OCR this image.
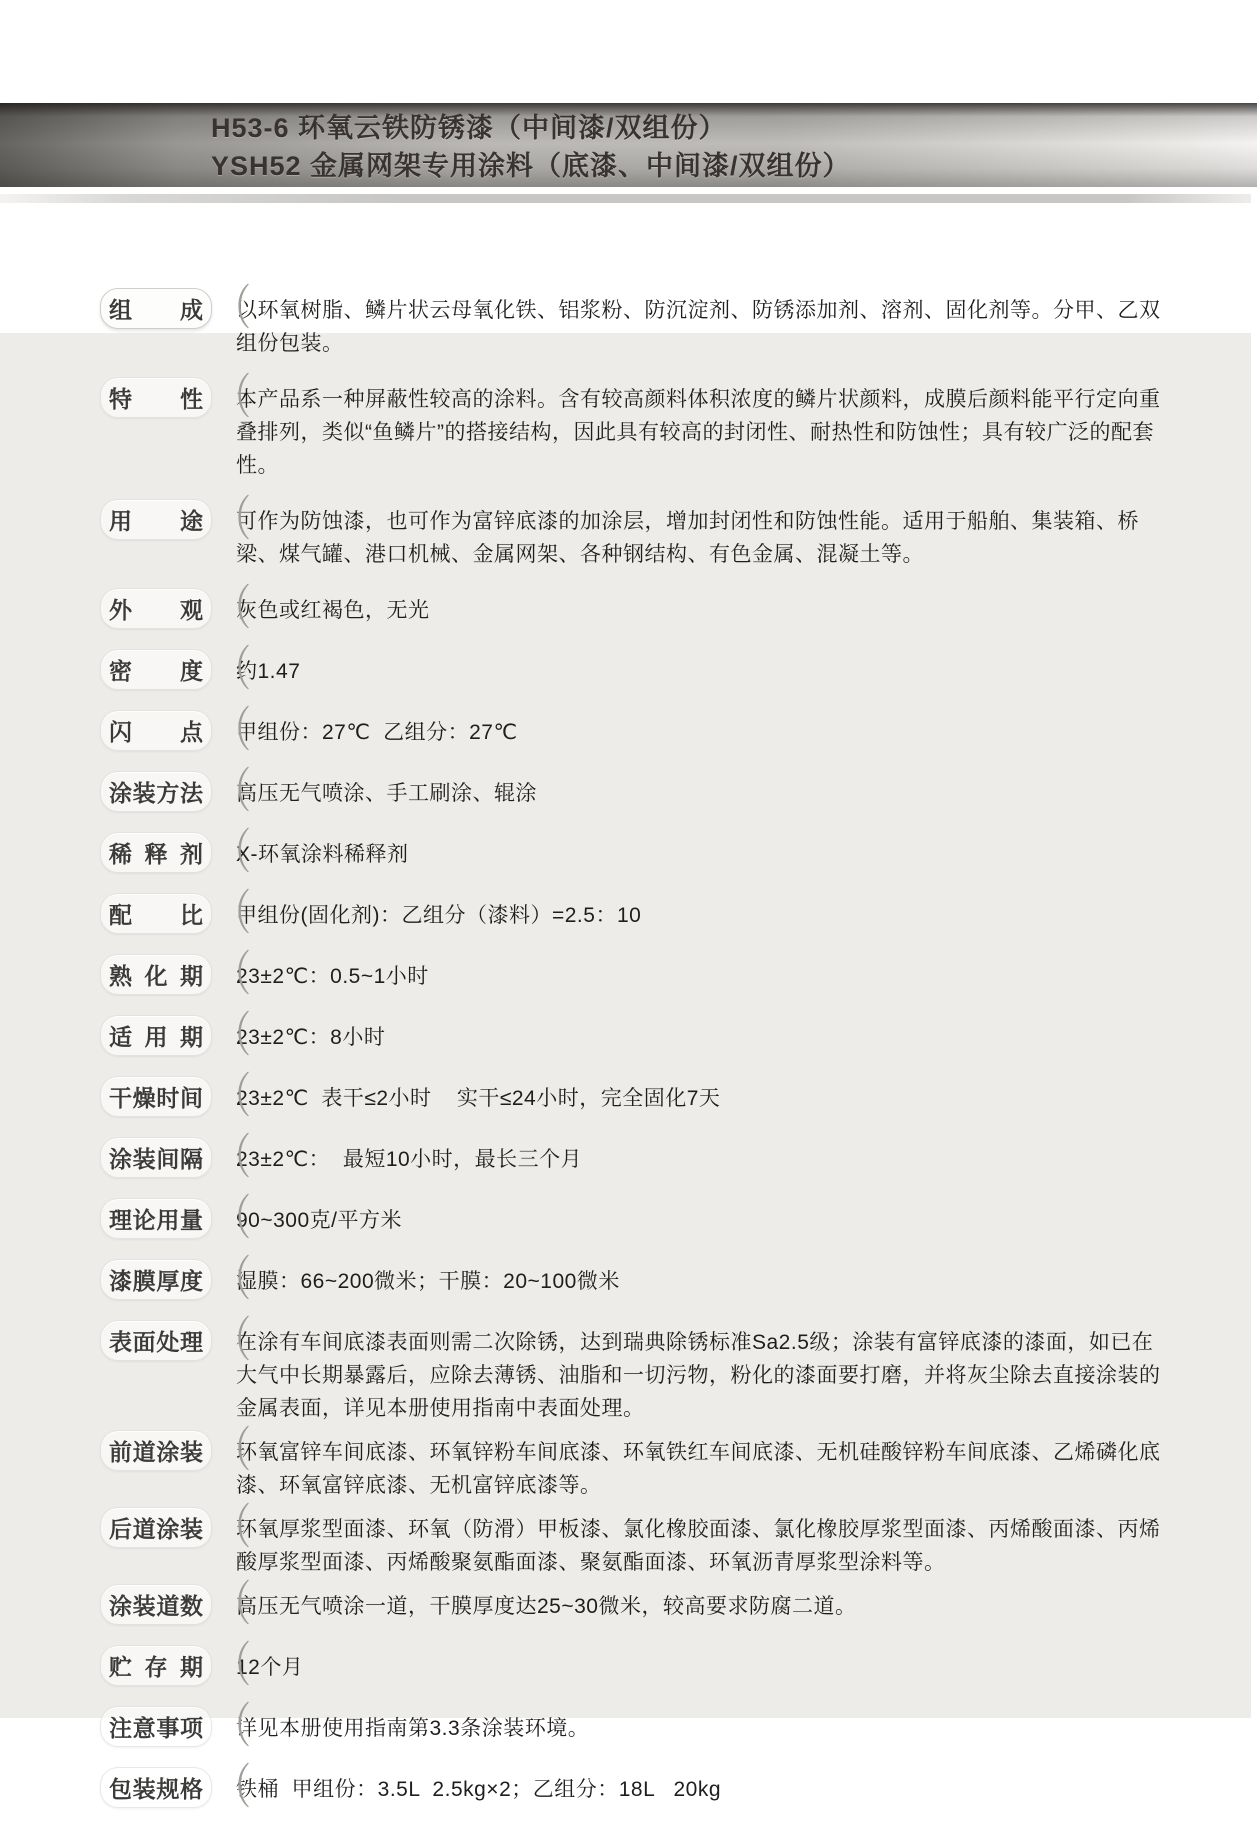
H53-6 环氧云铁防锈漆（中间漆/双组份）
YSH52 金属网架专用涂料（底漆、中间漆/双组份）
组 成 （
以环氧树脂、鳞片状云母氧化铁、铝浆粉、防沉淀剂、防锈添加剂、溶剂、固化剂等。分甲、乙双组份包装。
特 性 （
本产品系一种屏蔽性较高的涂料。含有较高颜料体积浓度的鳞片状颜料，成膜后颜料能平行定向重叠排列，类似“鱼鳞片”的搭接结构，因此具有较高的封闭性、耐热性和防蚀性；具有较广泛的配套性。
用 途 （
可作为防蚀漆，也可作为富锌底漆的加涂层，增加封闭性和防蚀性能。适用于船舶、集装箱、桥梁、煤气罐、港口机械、金属网架、各种钢结构、有色金属、混凝土等。
外 观 （
灰色或红褐色，无光
密 度 （
约1.47
闪 点 （
甲组份：27℃  乙组分：27℃
涂 装 方 法 （
高压无气喷涂、手工刷涂、辊涂
稀 释 剂 （
X-环氧涂料稀释剂
配 比 （
甲组份(固化剂)：乙组分（漆料）=2.5：10
熟 化 期 （
23±2℃：0.5~1小时
适 用 期 （
23±2℃：8小时
干 燥 时 间 （
23±2℃  表干≤2小时    实干≤24小时，完全固化7天
涂 装 间 隔 （
23±2℃：  最短10小时，最长三个月
理 论 用 量 （
90~300克/平方米
漆 膜 厚 度 （
湿膜：66~200微米；干膜：20~100微米
表 面 处 理 （
在涂有车间底漆表面则需二次除锈，达到瑞典除锈标准Sa2.5级；涂装有富锌底漆的漆面，如已在大气中长期暴露后，应除去薄锈、油脂和一切污物，粉化的漆面要打磨，并将灰尘除去直接涂装的金属表面，详见本册使用指南中表面处理。
前 道 涂 装 （
环氧富锌车间底漆、环氧锌粉车间底漆、环氧铁红车间底漆、无机硅酸锌粉车间底漆、乙烯磷化底漆、环氧富锌底漆、无机富锌底漆等。
后 道 涂 装 （
环氧厚浆型面漆、环氧（防滑）甲板漆、氯化橡胶面漆、氯化橡胶厚浆型面漆、丙烯酸面漆、丙烯酸厚浆型面漆、丙烯酸聚氨酯面漆、聚氨酯面漆、环氧沥青厚浆型涂料等。
涂 装 道 数 （
高压无气喷涂一道，干膜厚度达25~30微米，较高要求防腐二道。
贮 存 期 （
12个月
注 意 事 项 （
详见本册使用指南第3.3条涂装环境。
包 装 规 格 （
铁桶  甲组份：3.5L  2.5kg×2；乙组分：18L   20kg
